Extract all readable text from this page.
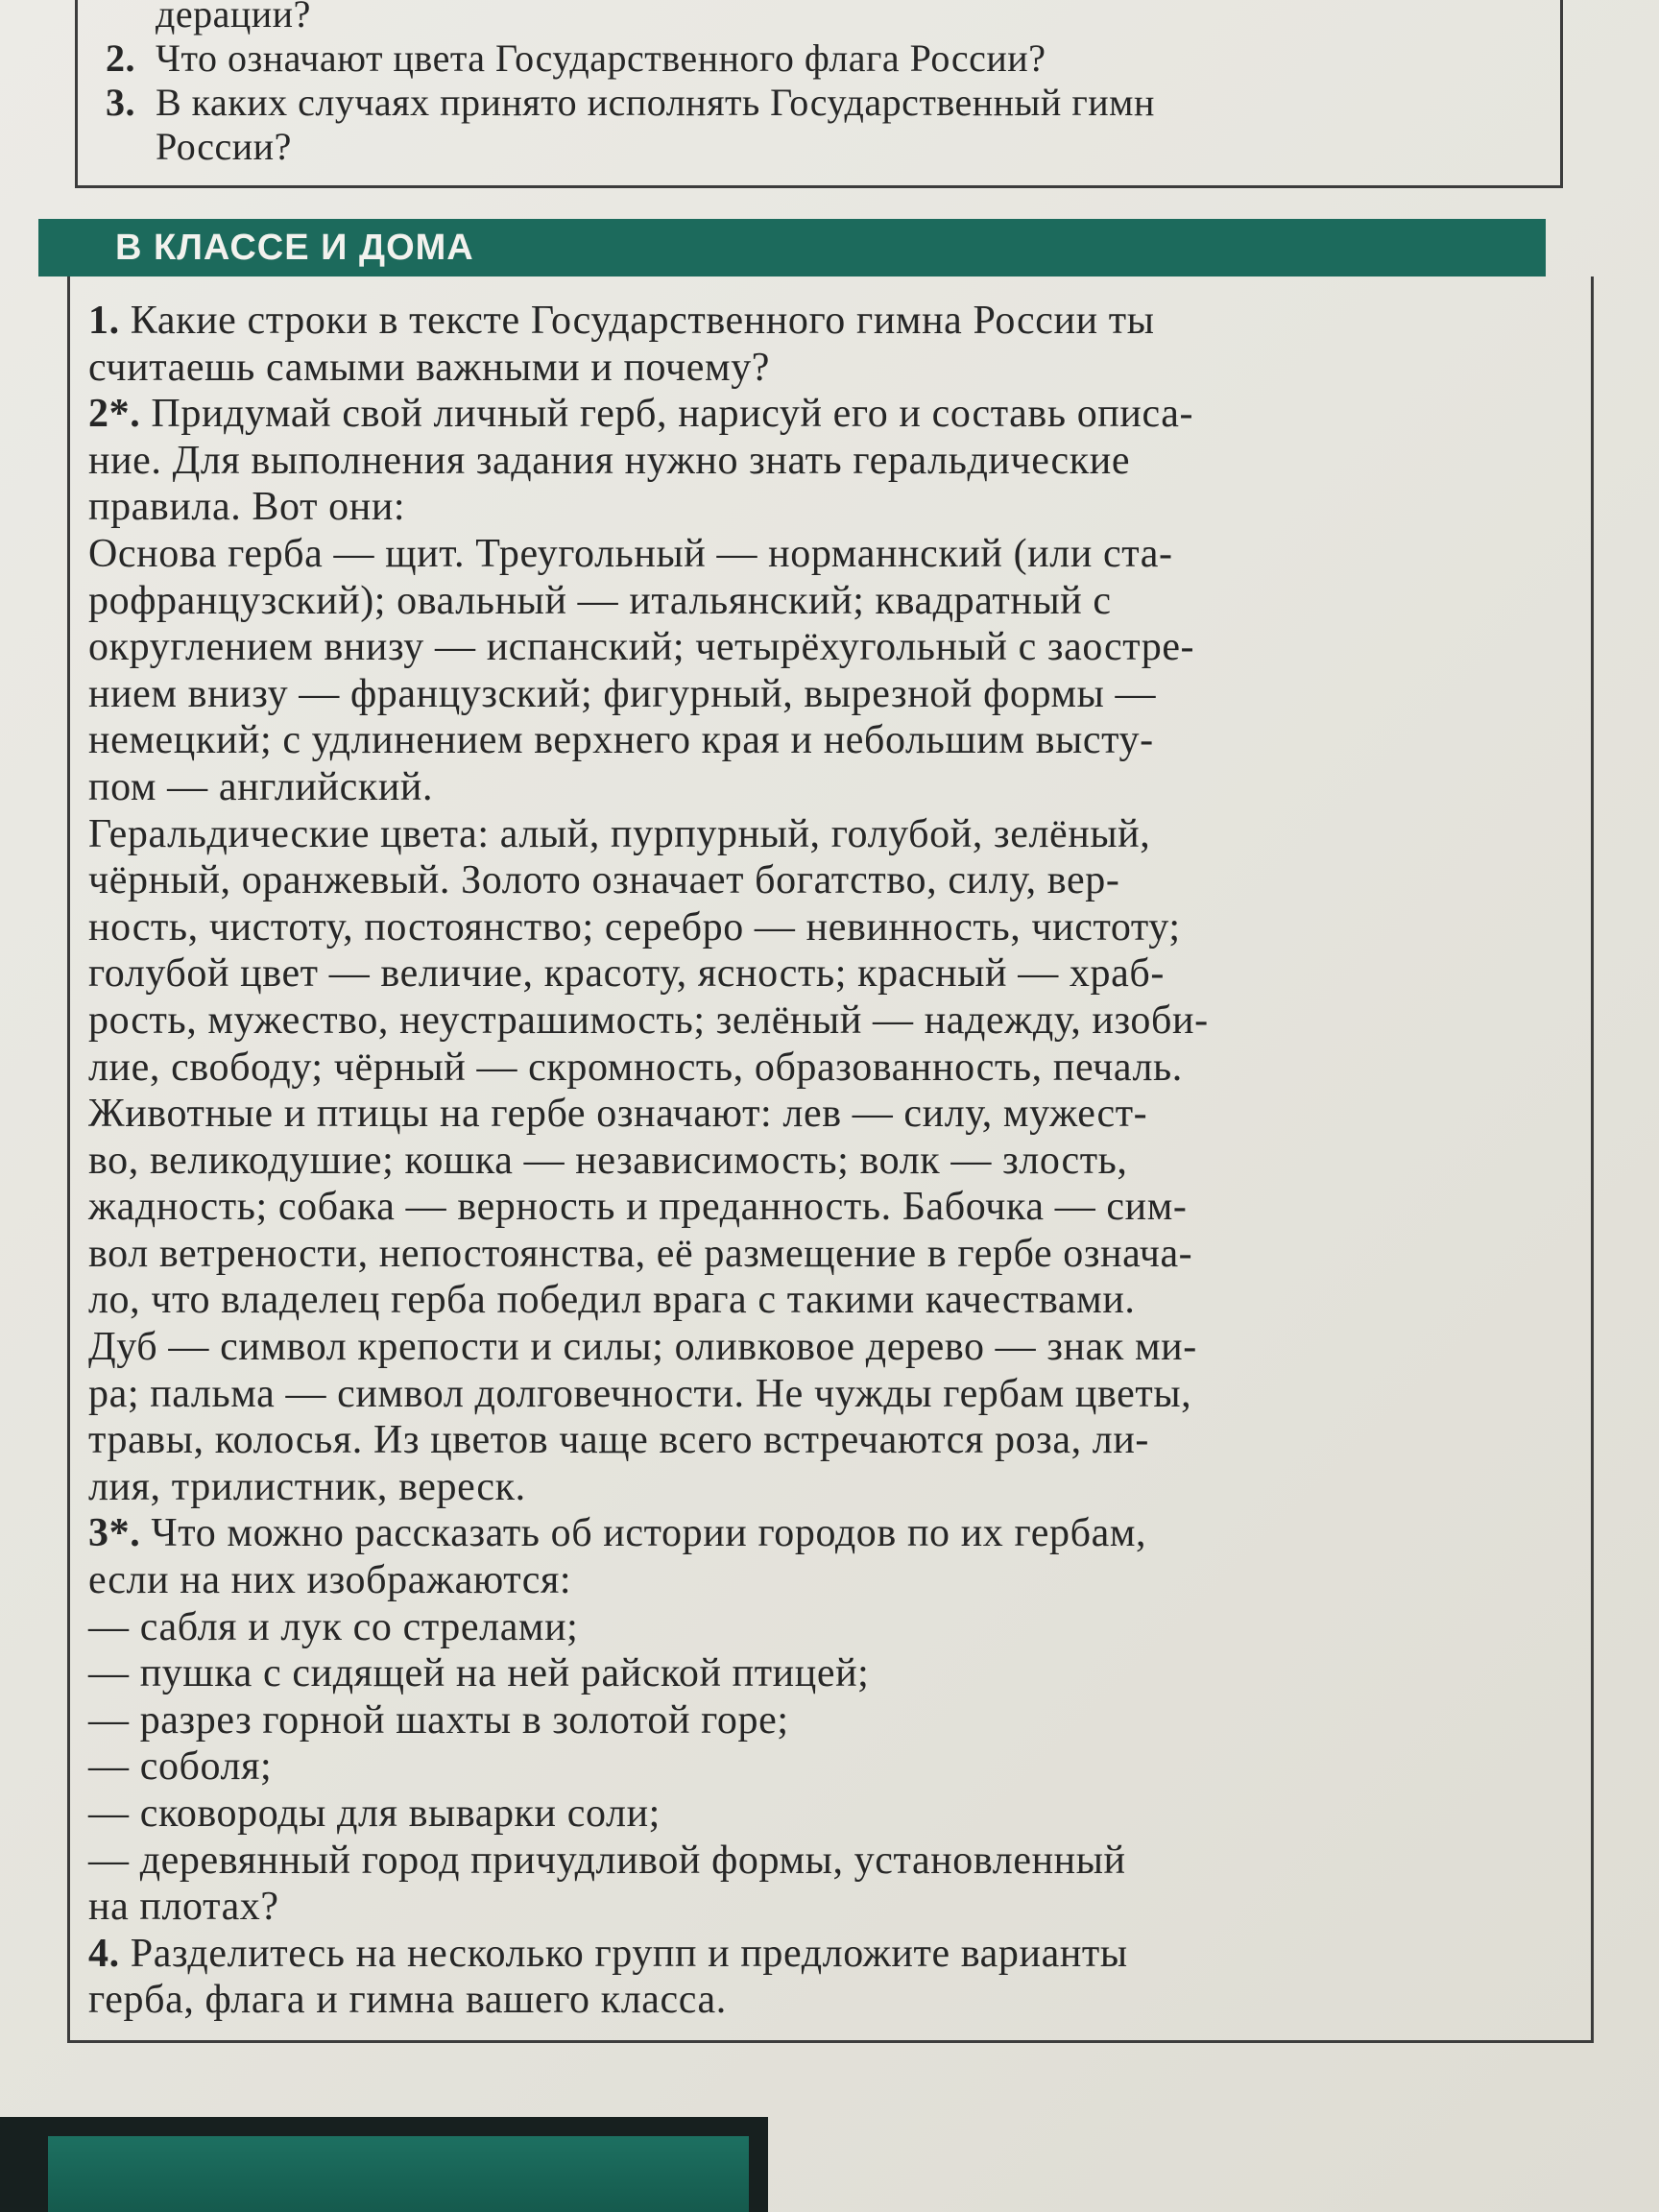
дерации?
2. Что означают цвета Государственного флага России?
3. В каких случаях принято исполнять Государственный гимн
России?
В КЛАССЕ И ДОМА
1. Какие строки в тексте Государственного гимна России ты
считаешь самыми важными и почему?
2*. Придумай свой личный герб, нарисуй его и составь описа-
ние. Для выполнения задания нужно знать геральдические
правила. Вот они:
Основа герба — щит. Треугольный — норманнский (или ста-
рофранцузский); овальный — итальянский; квадратный с
округлением внизу — испанский; четырёхугольный с заостре-
нием внизу — французский; фигурный, вырезной формы —
немецкий; с удлинением верхнего края и небольшим высту-
пом — английский.
Геральдические цвета: алый, пурпурный, голубой, зелёный,
чёрный, оранжевый. Золото означает богатство, силу, вер-
ность, чистоту, постоянство; серебро — невинность, чистоту;
голубой цвет — величие, красоту, ясность; красный — храб-
рость, мужество, неустрашимость; зелёный — надежду, изоби-
лие, свободу; чёрный — скромность, образованность, печаль.
Животные и птицы на гербе означают: лев — силу, мужест-
во, великодушие; кошка — независимость; волк — злость,
жадность; собака — верность и преданность. Бабочка — сим-
вол ветрености, непостоянства, её размещение в гербе означа-
ло, что владелец герба победил врага с такими качествами.
Дуб — символ крепости и силы; оливковое дерево — знак ми-
ра; пальма — символ долговечности. Не чужды гербам цветы,
травы, колосья. Из цветов чаще всего встречаются роза, ли-
лия, трилистник, вереск.
3*. Что можно рассказать об истории городов по их гербам,
если на них изображаются:
— сабля и лук со стрелами;
— пушка с сидящей на ней райской птицей;
— разрез горной шахты в золотой горе;
— соболя;
— сковороды для выварки соли;
— деревянный город причудливой формы, установленный
на плотах?
4. Разделитесь на несколько групп и предложите варианты
герба, флага и гимна вашего класса.
